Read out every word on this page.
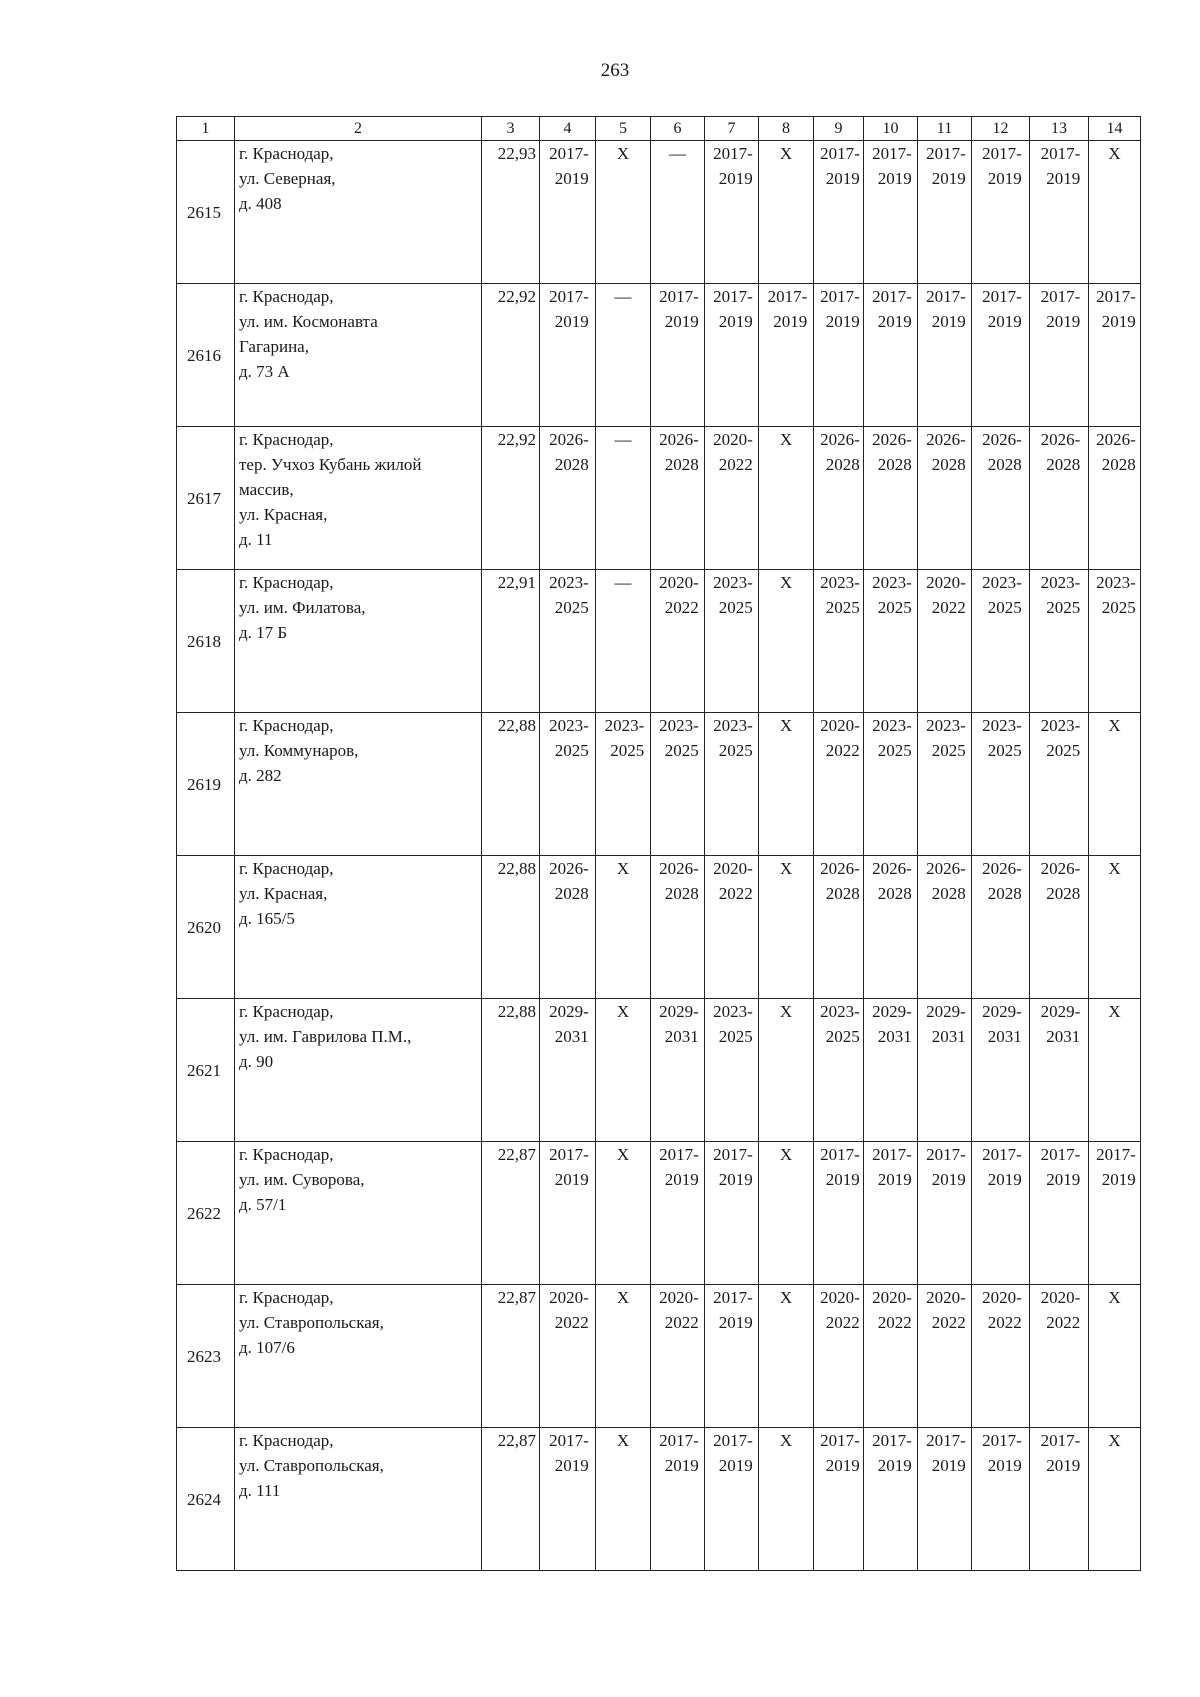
263
1	2	3	4	5	6	7	8	9	10	11	12	13	14
2615	г. Краснодар,
ул. Северная,
д. 408	22,93	2017-2019	X	—	2017-2019	X	2017-2019	2017-2019	2017-2019	2017-2019	2017-2019	X

2616	г. Краснодар,
ул. им. Космонавта
Гагарина,
д. 73 А	22,92	2017-2019	—	2017-2019	2017-2019	2017-2019	2017-2019	2017-2019	2017-2019	2017-2019	2017-2019	2017-2019

2617	г. Краснодар,
тер. Учхоз Кубань жилой
массив,
ул. Красная,
д. 11	22,92	2026-2028	—	2026-2028	2020-2022	X	2026-2028	2026-2028	2026-2028	2026-2028	2026-2028	2026-2028

2618	г. Краснодар,
ул. им. Филатова,
д. 17 Б	22,91	2023-2025	—	2020-2022	2023-2025	X	2023-2025	2023-2025	2020-2022	2023-2025	2023-2025	2023-2025

2619	г. Краснодар,
ул. Коммунаров,
д. 282	22,88	2023-2025	2023-2025	2023-2025	2023-2025	X	2020-2022	2023-2025	2023-2025	2023-2025	2023-2025	X

2620	г. Краснодар,
ул. Красная,
д. 165/5	22,88	2026-2028	X	2026-2028	2020-2022	X	2026-2028	2026-2028	2026-2028	2026-2028	2026-2028	X

2621	г. Краснодар,
ул. им. Гаврилова П.М.,
д. 90	22,88	2029-2031	X	2029-2031	2023-2025	X	2023-2025	2029-2031	2029-2031	2029-2031	2029-2031	X

2622	г. Краснодар,
ул. им. Суворова,
д. 57/1	22,87	2017-2019	X	2017-2019	2017-2019	X	2017-2019	2017-2019	2017-2019	2017-2019	2017-2019	2017-2019

2623	г. Краснодар,
ул. Ставропольская,
д. 107/6	22,87	2020-2022	X	2020-2022	2017-2019	X	2020-2022	2020-2022	2020-2022	2020-2022	2020-2022	X

2624	г. Краснодар,
ул. Ставропольская,
д. 111	22,87	2017-2019	X	2017-2019	2017-2019	X	2017-2019	2017-2019	2017-2019	2017-2019	2017-2019	X
